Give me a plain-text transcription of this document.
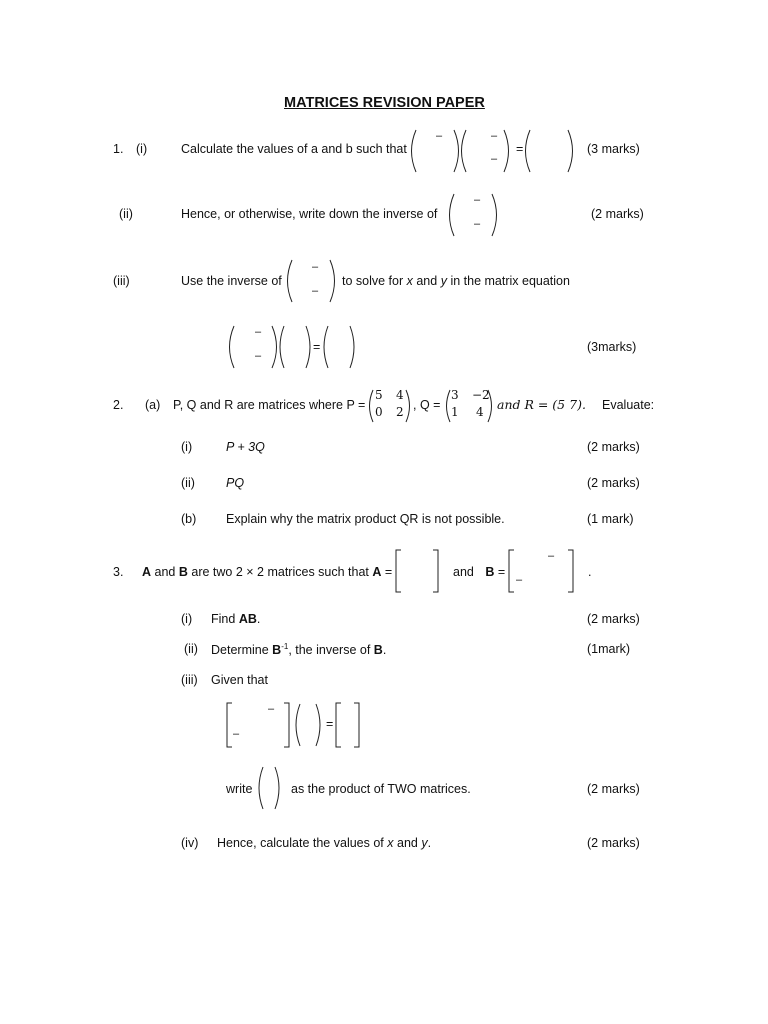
MATRICES REVISION PAPER
1. (i)	Calculate the values of a and b such that
–	–
–
=	(3 marks)
(ii)	Hence, or otherwise, write down the inverse of
–
–
(2 marks)
(iii)	Use the inverse of
–
–
to solve for x and y in the matrix equation
–
–
=	(3marks)
2. (a) P, Q and R are matrices where P =
5 4
0 2 , Q =
3 −2
1 4 and R = (5 7). Evaluate:
(i)	P + 3Q	(2 marks)
(ii) PQ	(2 marks)
(b) Explain why the matrix product QR is not possible.	(1 mark)
3. A and B are two 2 × 2 matrices such that A =	and B =
–
–
.
(i) Find AB.	(2 marks)
(ii) Determine $B^{-1}$, the inverse of B.	(1mark)
(iii) Given that
–
–
=
write	as the product of TWO matrices.	(2 marks)
(iv) Hence, calculate the values of x and y.	(2 marks)
